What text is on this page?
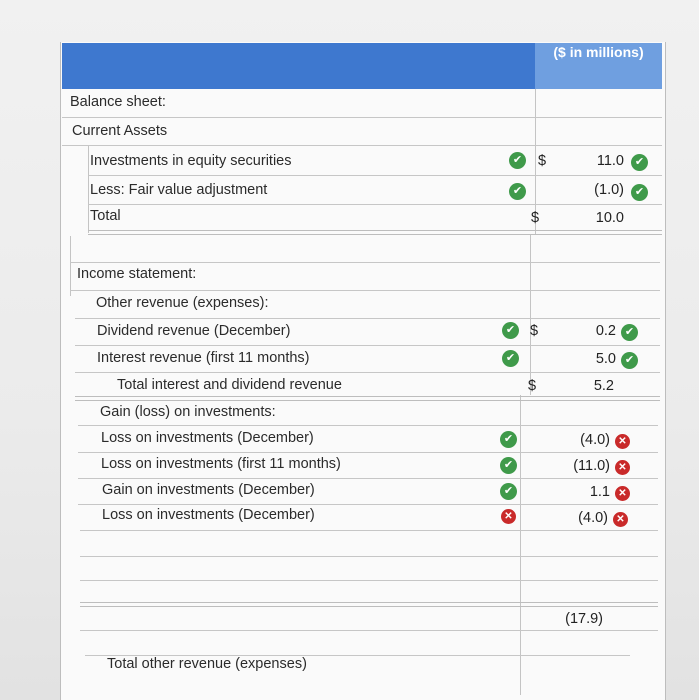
($ in millions)
Balance sheet:
Current Assets
Investments in equity securities	✔ $	11.0 ✔
Less: Fair value adjustment	✔	(1.0) ✔
Total	$	10.0
Income statement:
Other revenue (expenses):
Dividend revenue (December)	✔ $	0.2 ✔
Interest revenue (first 11 months)	✔	5.0 ✔
Total interest and dividend revenue	$	5.2
Gain (loss) on investments:
Loss on investments (December)	✔	(4.0) ✕
Loss on investments (first 11 months)	✔	(11.0) ✕
Gain on investments (December)	✔	1.1 ✕
Loss on investments (December)	✕	(4.0) ✕
(17.9)
Total other revenue (expenses)
